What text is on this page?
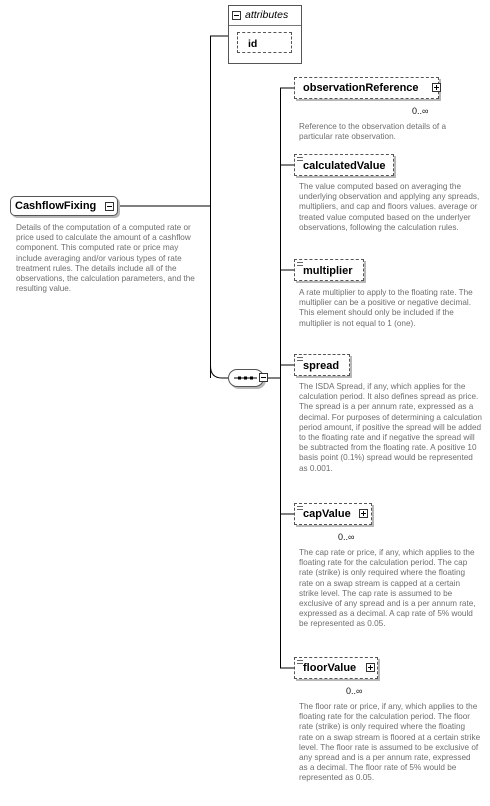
attributes
id
CashflowFixing
Details of the computation of a computed rate or price used to calculate the amount of a cashflow component. This computed rate or price may include averaging and/or various types of rate treatment rules. The details include all of the observations, the calculation parameters, and the resulting value.
observationReference
0..∞
Reference to the observation details of a particular rate observation.
calculatedValue
The value computed based on averaging the underlying observation and applying any spreads, multipliers, and cap and floors values. average or treated value computed based on the underlyer observations, following the calculation rules.
multiplier
A rate multiplier to apply to the floating rate. The multiplier can be a positive or negative decimal. This element should only be included if the multiplier is not equal to 1 (one).
spread
The ISDA Spread, if any, which applies for the calculation period. It also defines spread as price. The spread is a per annum rate, expressed as a decimal. For purposes of determining a calculation period amount, if positive the spread will be added to the floating rate and if negative the spread will be subtracted from the floating rate. A positive 10 basis point (0.1%) spread would be represented as 0.001.
capValue
0..∞
The cap rate or price, if any, which applies to the floating rate for the calculation period. The cap rate (strike) is only required where the floating rate on a swap stream is capped at a certain strike level. The cap rate is assumed to be exclusive of any spread and is a per annum rate, expressed as a decimal. A cap rate of 5% would be represented as 0.05.
floorValue
0..∞
The floor rate or price, if any, which applies to the floating rate for the calculation period. The floor rate (strike) is only required where the floating rate on a swap stream is floored at a certain strike level. The floor rate is assumed to be exclusive of any spread and is a per annum rate, expressed as a decimal. The floor rate of 5% would be represented as 0.05.
